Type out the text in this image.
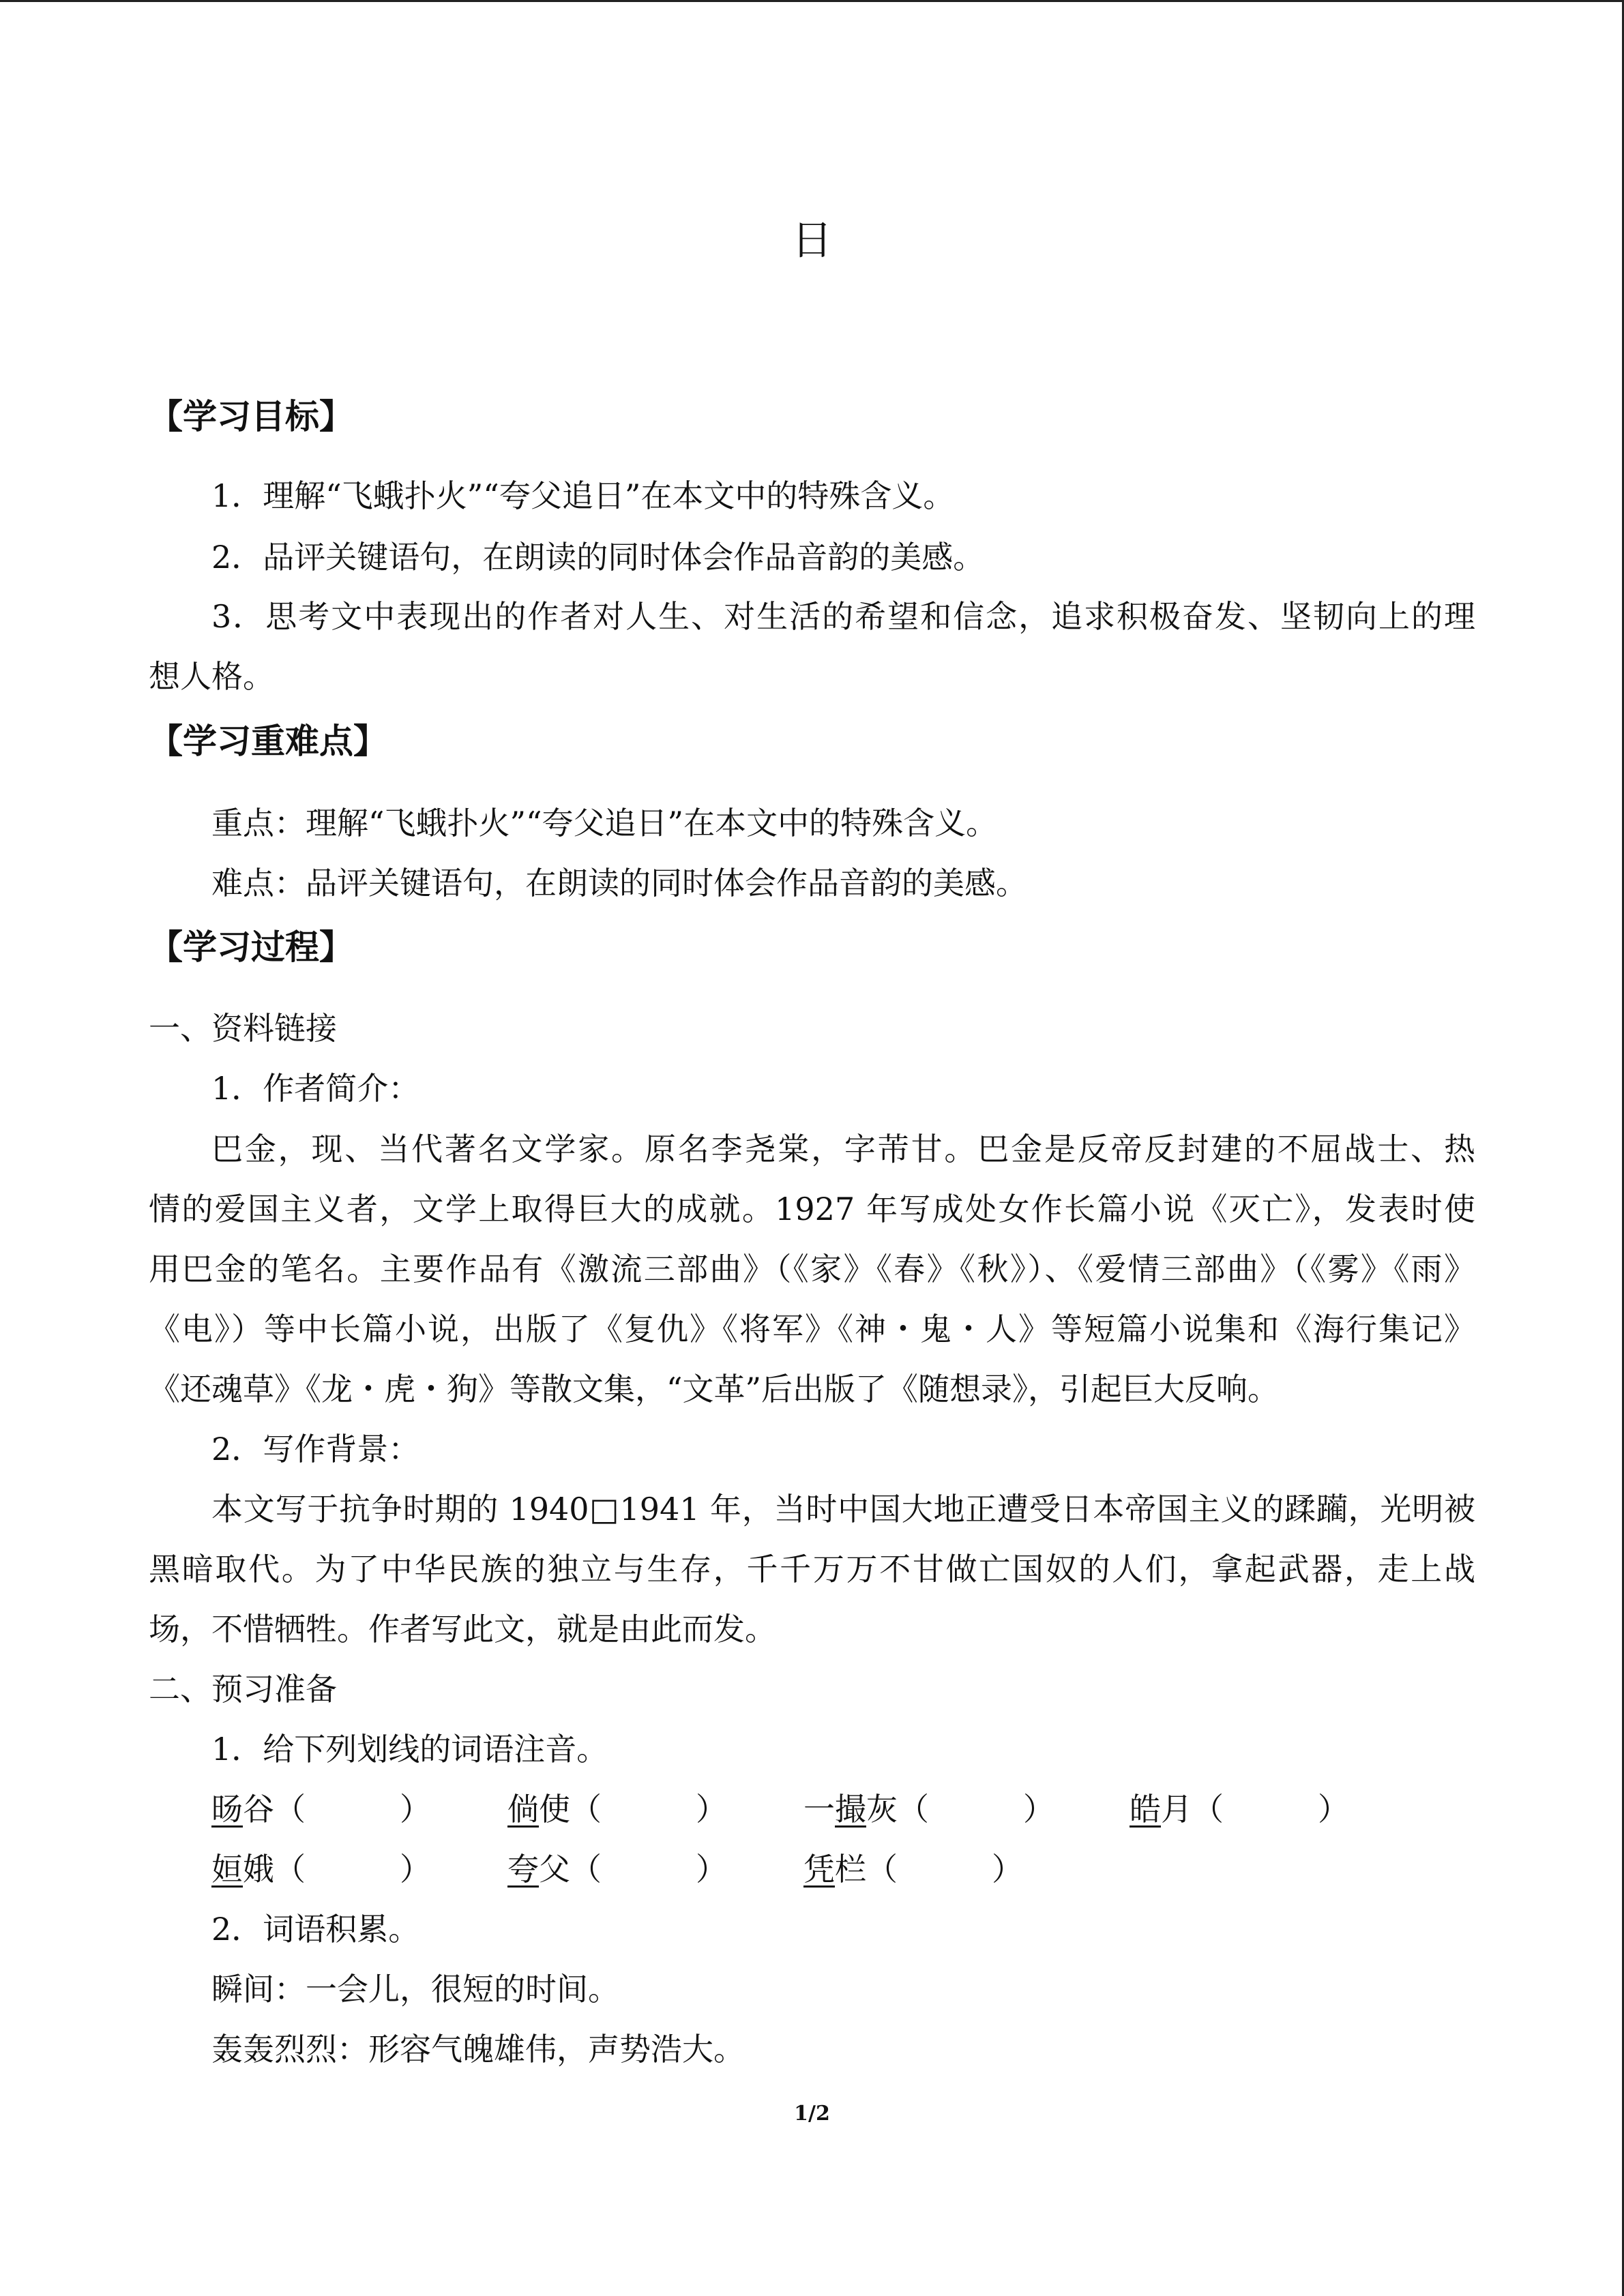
日
【学习目标】
1．理解“飞蛾扑火”“夸父追日”在本文中的特殊含义。
2．品评关键语句，在朗读的同时体会作品音韵的美感。
3．思考文中表现出的作者对人生、对生活的希望和信念，追求积极奋发、坚韧向上的理
想人格。
【学习重难点】
重点：理解“飞蛾扑火”“夸父追日”在本文中的特殊含义。
难点：品评关键语句，在朗读的同时体会作品音韵的美感。
【学习过程】
一、资料链接
1．作者简介：
巴金，现、当代著名文学家。原名李尧棠，字芾甘。巴金是反帝反封建的不屈战士、热
情的爱国主义者，文学上取得巨大的成就。1927 年写成处女作长篇小说《灭亡》，发表时使
用巴金的笔名。主要作品有《激流三部曲》（《家》《春》《秋》）、《爱情三部曲》（《雾》《雨》
《电》）等中长篇小说，出版了《复仇》《将军》《神・鬼・人》等短篇小说集和《海行集记》
《还魂草》《龙・虎・狗》等散文集，“文革”后出版了《随想录》，引起巨大反响。
2．写作背景：
本文写于抗争时期的 1940□1941 年，当时中国大地正遭受日本帝国主义的蹂躏，光明被
黑暗取代。为了中华民族的独立与生存，千千万万不甘做亡国奴的人们，拿起武器，走上战
场，不惜牺牲。作者写此文，就是由此而发。
二、预习准备
1．给下列划线的词语注音。
旸谷（　　　） 倘使（　　　） 一撮灰（　　　） 皓月（　　　）
姮娥（　　　） 夸父（　　　） 凭栏（　　　）
2．词语积累。
瞬间：一会儿，很短的时间。
轰轰烈烈：形容气魄雄伟，声势浩大。
1/2
